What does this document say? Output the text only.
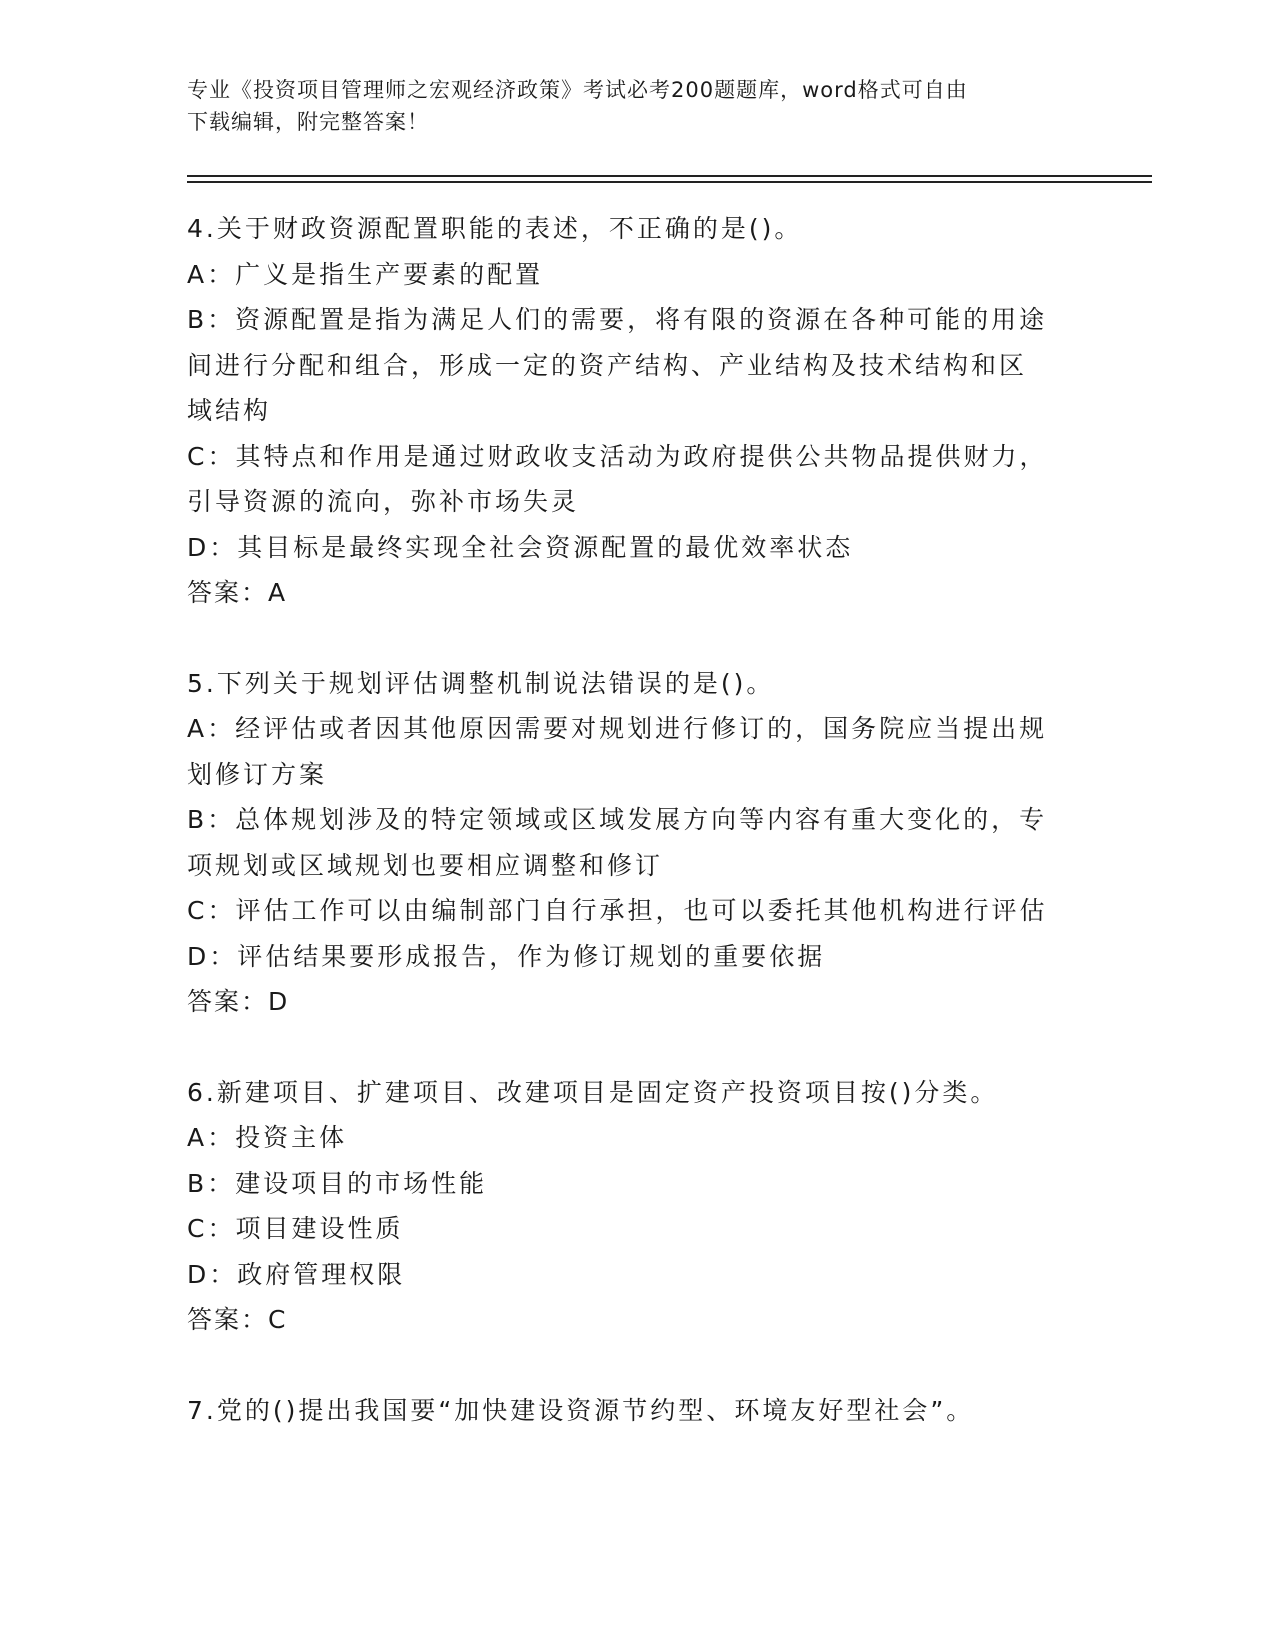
专业《投资项目管理师之宏观经济政策》考试必考200题题库，word格式可自由
下载编辑，附完整答案！

4.关于财政资源配置职能的表述，不正确的是()。

A：广义是指生产要素的配置

B：资源配置是指为满足人们的需要，将有限的资源在各种可能的用途

间进行分配和组合，形成一定的资产结构、产业结构及技术结构和区

域结构

C：其特点和作用是通过财政收支活动为政府提供公共物品提供财力，

引导资源的流向，弥补市场失灵

D：其目标是最终实现全社会资源配置的最优效率状态

答案：A

5.下列关于规划评估调整机制说法错误的是()。

A：经评估或者因其他原因需要对规划进行修订的，国务院应当提出规

划修订方案

B：总体规划涉及的特定领域或区域发展方向等内容有重大变化的，专

项规划或区域规划也要相应调整和修订

C：评估工作可以由编制部门自行承担，也可以委托其他机构进行评估

D：评估结果要形成报告，作为修订规划的重要依据

答案：D

6.新建项目、扩建项目、改建项目是固定资产投资项目按()分类。

A：投资主体

B：建设项目的市场性能

C：项目建设性质

D：政府管理权限

答案：C

7.党的()提出我国要“加快建设资源节约型、环境友好型社会”。
